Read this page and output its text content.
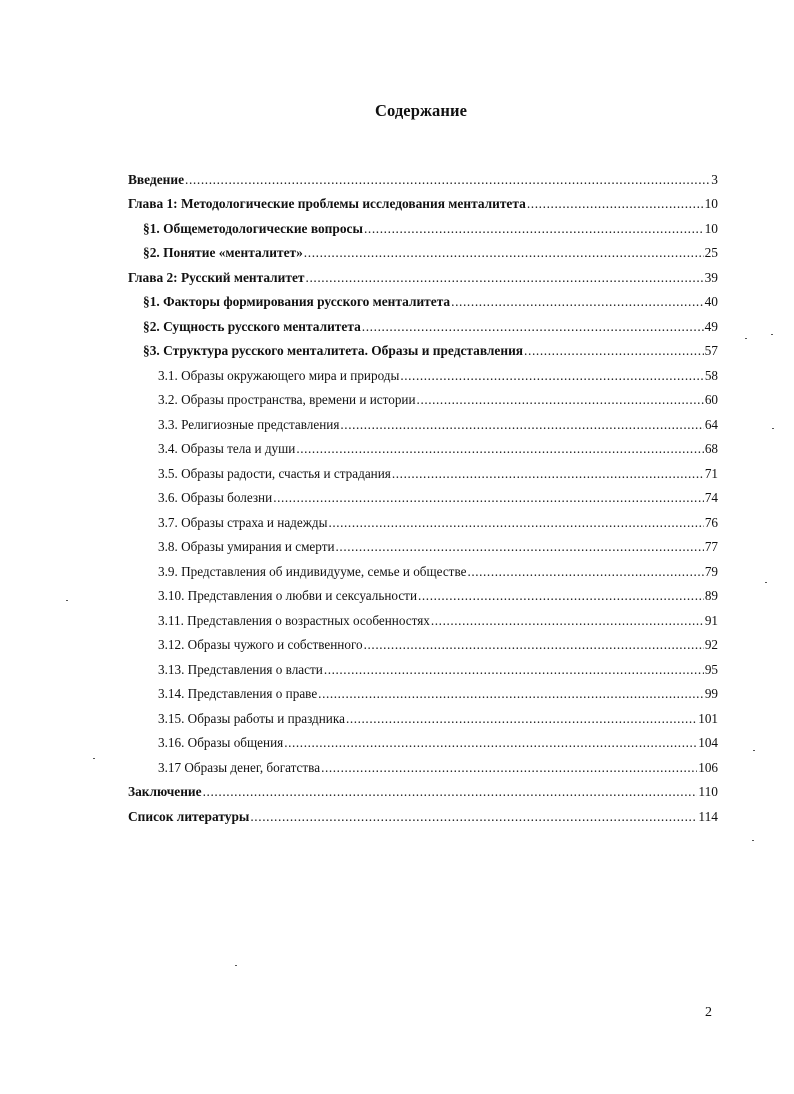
Содержание
Введение .....	3
Глава 1: Методологические проблемы исследования менталитета .....	10
§1. Общеметодологические вопросы .....	10
§2. Понятие «менталитет» .....	25
Глава 2: Русский менталитет .....	39
§1. Факторы формирования русского менталитета .....	40
§2. Сущность русского менталитета .....	49
§3. Структура русского менталитета. Образы и представления .....	57
3.1. Образы окружающего мира и природы .....	58
3.2. Образы пространства, времени и истории .....	60
3.3. Религиозные представления .....	64
3.4. Образы тела и души .....	68
3.5. Образы радости, счастья и страдания .....	71
3.6. Образы болезни .....	74
3.7. Образы страха и надежды .....	76
3.8. Образы умирания и смерти .....	77
3.9. Представления об индивидууме, семье и обществе .....	79
3.10. Представления о любви и сексуальности .....	89
3.11. Представления о возрастных особенностях .....	91
3.12. Образы чужого и собственного .....	92
3.13. Представления о власти .....	95
3.14. Представления о праве .....	99
3.15. Образы работы и праздника .....	101
3.16. Образы общения .....	104
3.17 Образы денег, богатства .....	106
Заключение .....	110
Список литературы .....	114
2
